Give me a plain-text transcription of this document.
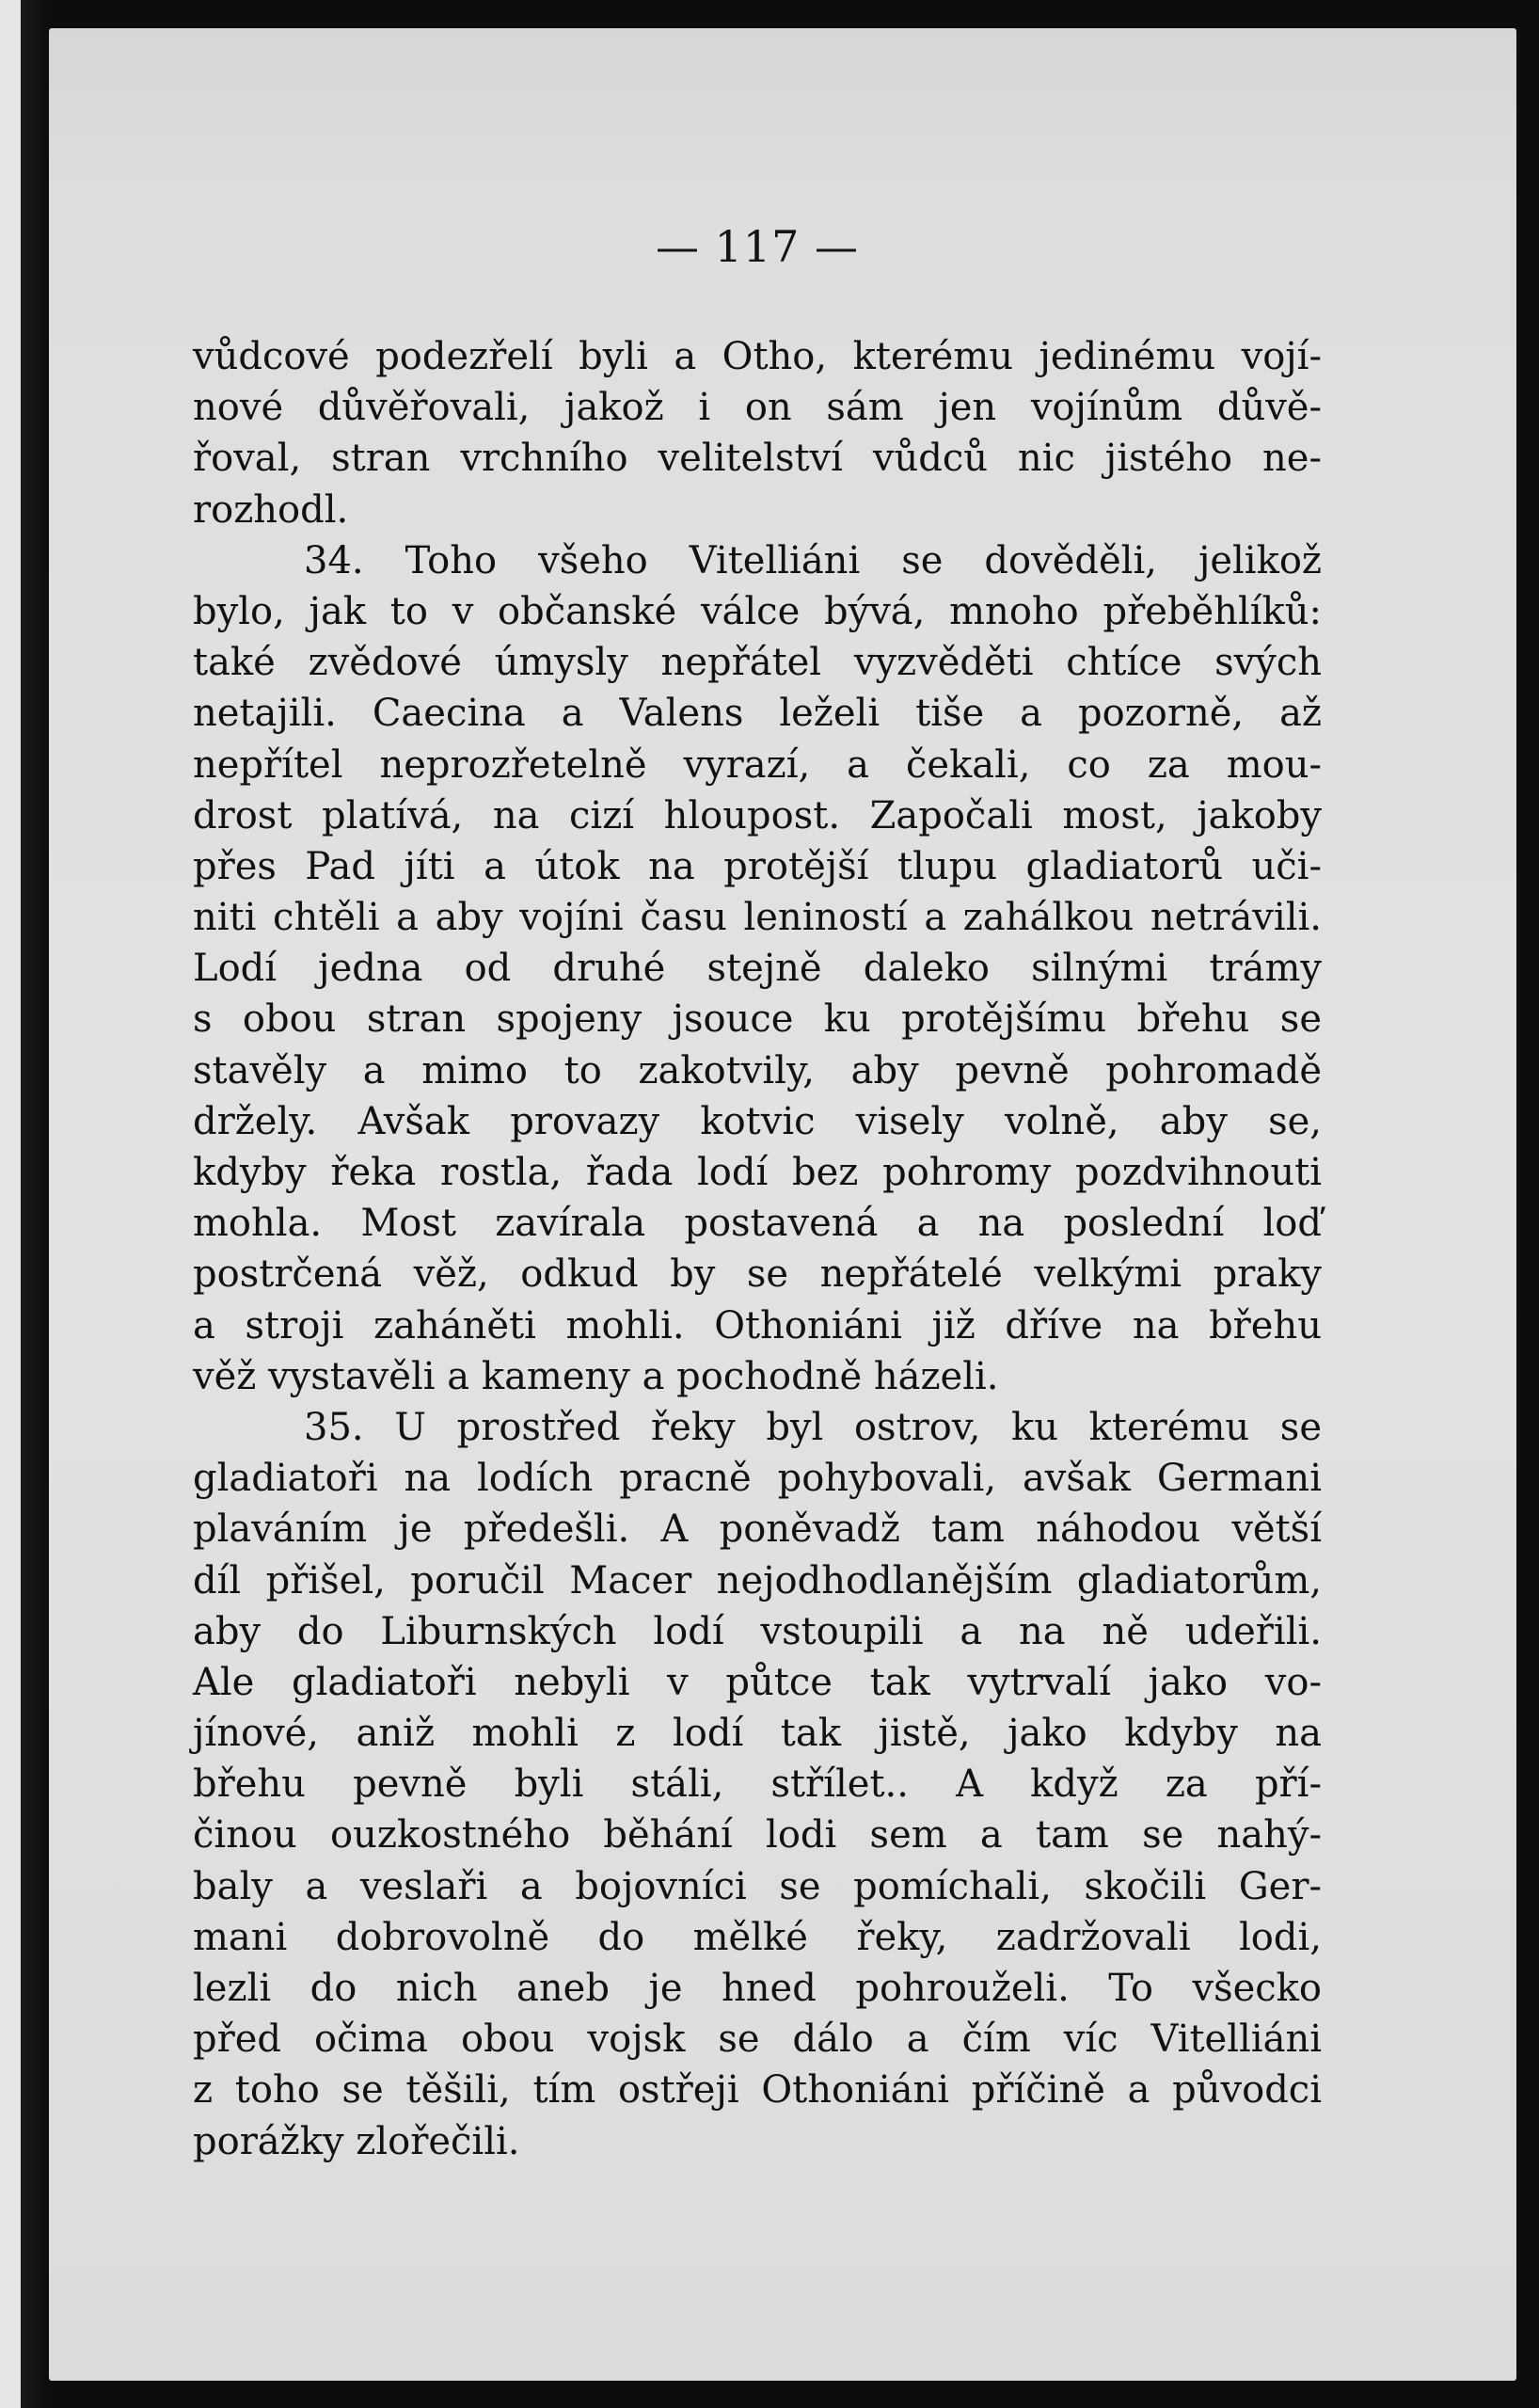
— 117 —
vůdcové podezřelí byli a Otho, kterému jedinému vojí-
nové důvěřovali, jakož i on sám jen vojínům důvě-
řoval, stran vrchního velitelství vůdců nic jistého ne-
rozhodl.
34. Toho všeho Vitelliáni se dověděli, jelikož
bylo, jak to v občanské válce bývá, mnoho přeběhlíků:
také zvědové úmysly nepřátel vyzvěděti chtíce svých
netajili. Caecina a Valens leželi tiše a pozorně, až
nepřítel neprozřetelně vyrazí, a čekali, co za mou-
drost platívá, na cizí hloupost. Započali most, jakoby
přes Pad jíti a útok na protější tlupu gladiatorů uči-
niti chtěli a aby vojíni času leniností a zahálkou netrávili.
Lodí jedna od druhé stejně daleko silnými trámy
s obou stran spojeny jsouce ku protějšímu břehu se
stavěly a mimo to zakotvily, aby pevně pohromadě
držely. Avšak provazy kotvic visely volně, aby se,
kdyby řeka rostla, řada lodí bez pohromy pozdvihnouti
mohla. Most zavírala postavená a na poslední loď
postrčená věž, odkud by se nepřátelé velkými praky
a stroji zaháněti mohli. Othoniáni již dříve na břehu
věž vystavěli a kameny a pochodně házeli.
35. U prostřed řeky byl ostrov, ku kterému se
gladiatoři na lodích pracně pohybovali, avšak Germani
plaváním je předešli. A poněvadž tam náhodou větší
díl přišel, poručil Macer nejodhodlanějším gladiatorům,
aby do Liburnských lodí vstoupili a na ně udeřili.
Ale gladiatoři nebyli v půtce tak vytrvalí jako vo-
jínové, aniž mohli z lodí tak jistě, jako kdyby na
břehu pevně byli stáli, střílet.. A když za pří-
činou ouzkostného běhání lodi sem a tam se nahý-
baly a veslaři a bojovníci se pomíchali, skočili Ger-
mani dobrovolně do mělké řeky, zadržovali lodi,
lezli do nich aneb je hned pohrouželi. To všecko
před očima obou vojsk se dálo a čím víc Vitelliáni
z toho se těšili, tím ostřeji Othoniáni příčině a původci
porážky zlořečili.
